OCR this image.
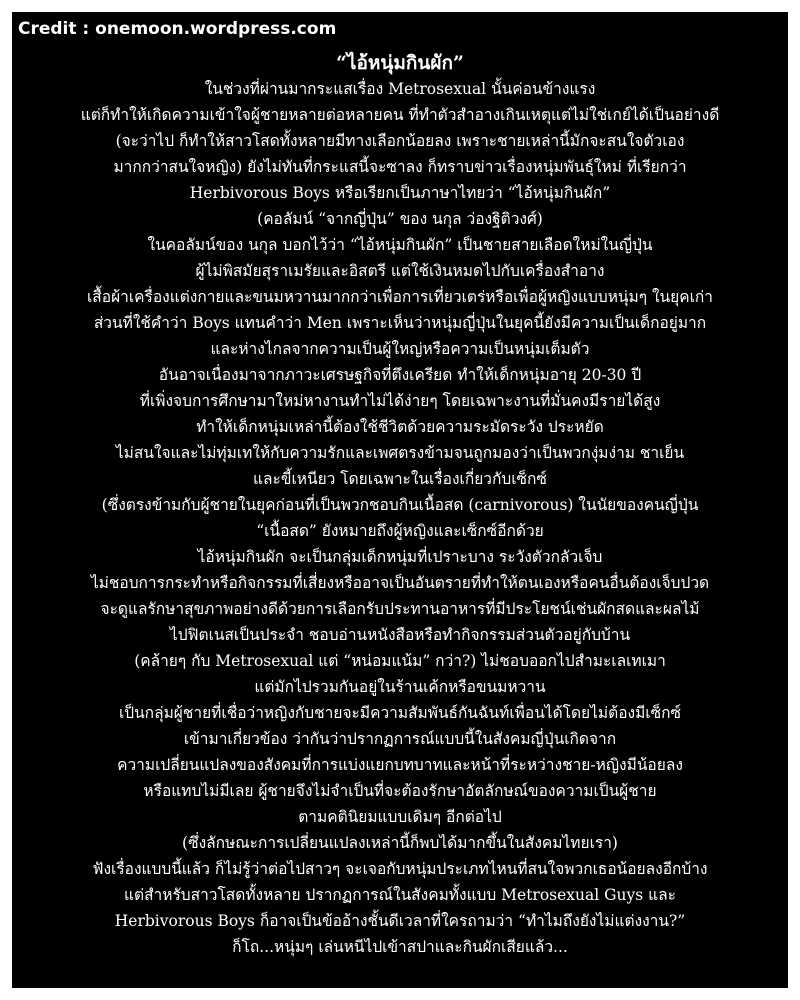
Credit : onemoon.wordpress.com

“ไอ้หนุ่มกินผัก”

ในช่วงที่ผ่านมากระแสเรื่อง Metrosexual นั้นค่อนข้างแรง
แต่ก็ทำให้เกิดความเข้าใจผู้ชายหลายต่อหลายคน ที่ทำตัวสำอางเกินเหตุแต่ไม่ใช่เกย์ได้เป็นอย่างดี
(จะว่าไป ก็ทำให้สาวโสดทั้งหลายมีทางเลือกน้อยลง เพราะชายเหล่านี้มักจะสนใจตัวเอง
มากกว่าสนใจหญิง) ยังไม่ทันที่กระแสนี้จะซาลง ก็ทราบข่าวเรื่องหนุ่มพันธุ์ใหม่ ที่เรียกว่า
Herbivorous Boys หรือเรียกเป็นภาษาไทยว่า “ไอ้หนุ่มกินผัก”
(คอลัมน์ “จากญี่ปุ่น” ของ นกุล ว่องฐิติวงศ์)
ในคอลัมน์ของ นกุล บอกไว้ว่า “ไอ้หนุ่มกินผัก” เป็นชายสายเลือดใหม่ในญี่ปุ่น
ผู้ไม่พิสมัยสุราเมรัยและอิสตรี แต่ใช้เงินหมดไปกับเครื่องสำอาง
เสื้อผ้าเครื่องแต่งกายและขนมหวานมากกว่าเพื่อการเที่ยวเตร่หรือเพื่อผู้หญิงแบบหนุ่มๆ ในยุคเก่า
ส่วนที่ใช้คำว่า Boys แทนคำว่า Men เพราะเห็นว่าหนุ่มญี่ปุ่นในยุคนี้ยังมีความเป็นเด็กอยู่มาก
และห่างไกลจากความเป็นผู้ใหญ่หรือความเป็นหนุ่มเต็มตัว
อันอาจเนื่องมาจากภาวะเศรษฐกิจที่ตึงเครียด ทำให้เด็กหนุ่มอายุ 20-30 ปี
ที่เพิ่งจบการศึกษามาใหม่หางานทำไม่ได้ง่ายๆ โดยเฉพาะงานที่มั่นคงมีรายได้สูง
ทำให้เด็กหนุ่มเหล่านี้ต้องใช้ชีวิตด้วยความระมัดระวัง ประหยัด
ไม่สนใจและไม่ทุ่มเทให้กับความรักและเพศตรงข้ามจนถูกมองว่าเป็นพวกงุ่มง่าม ชาเย็น
และขี้เหนียว โดยเฉพาะในเรื่องเกี่ยวกับเซ็กซ์
(ซึ่งตรงข้ามกับผู้ชายในยุคก่อนที่เป็นพวกชอบกินเนื้อสด (carnivorous) ในนัยของคนญี่ปุ่น
“เนื้อสด” ยังหมายถึงผู้หญิงและเซ็กซ์อีกด้วย
ไอ้หนุ่มกินผัก จะเป็นกลุ่มเด็กหนุ่มที่เปราะบาง ระวังตัวกลัวเจ็บ
ไม่ชอบการกระทำหรือกิจกรรมที่เสี่ยงหรืออาจเป็นอันตรายที่ทำให้ตนเองหรือคนอื่นต้องเจ็บปวด
จะดูแลรักษาสุขภาพอย่างดีด้วยการเลือกรับประทานอาหารที่มีประโยชน์เช่นผักสดและผลไม้
ไปฟิตเนสเป็นประจำ ชอบอ่านหนังสือหรือทำกิจกรรมส่วนตัวอยู่กับบ้าน
(คล้ายๆ กับ Metrosexual แต่ “หน่อมแน้ม” กว่า?) ไม่ชอบออกไปสำมะเลเทเมา
แต่มักไปรวมกันอยู่ในร้านเค้กหรือขนมหวาน
เป็นกลุ่มผู้ชายที่เชื่อว่าหญิงกับชายจะมีความสัมพันธ์กันฉันท์เพื่อนได้โดยไม่ต้องมีเซ็กซ์
เข้ามาเกี่ยวข้อง ว่ากันว่าปรากฏการณ์แบบนี้ในสังคมญี่ปุ่นเกิดจาก
ความเปลี่ยนแปลงของสังคมที่การแบ่งแยกบทบาทและหน้าที่ระหว่างชาย-หญิงมีน้อยลง
หรือแทบไม่มีเลย ผู้ชายจึงไม่จำเป็นที่จะต้องรักษาอัตลักษณ์ของความเป็นผู้ชาย
ตามคตินิยมแบบเดิมๆ อีกต่อไป
(ซึ่งลักษณะการเปลี่ยนแปลงเหล่านี้ก็พบได้มากขึ้นในสังคมไทยเรา)
ฟังเรื่องแบบนี้แล้ว ก็ไม่รู้ว่าต่อไปสาวๆ จะเจอกับหนุ่มประเภทไหนที่สนใจพวกเธอน้อยลงอีกบ้าง
แต่สำหรับสาวโสดทั้งหลาย ปรากฏการณ์ในสังคมทั้งแบบ Metrosexual Guys และ
Herbivorous Boys ก็อาจเป็นข้ออ้างชั้นดีเวลาที่ใครถามว่า “ทำไมถึงยังไม่แต่งงาน?”
ก็โถ...หนุ่มๆ เล่นหนีไปเข้าสปาและกินผักเสียแล้ว...
